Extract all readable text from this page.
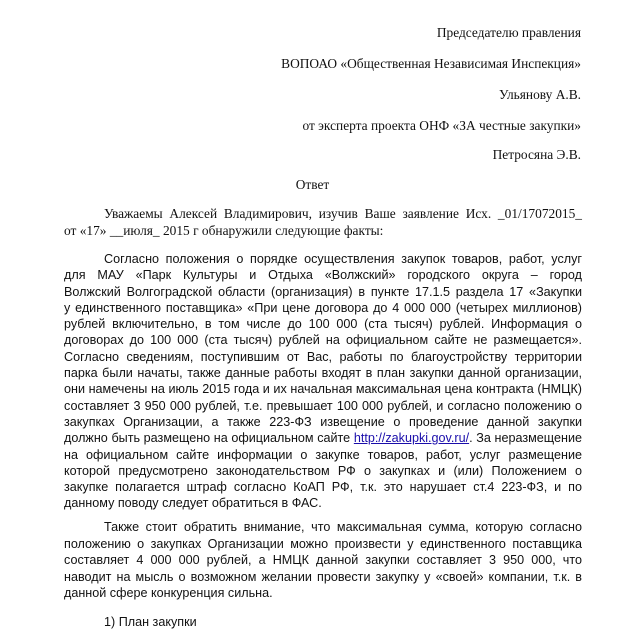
Председателю правления
ВОПОАО «Общественная Независимая Инспекция»
Ульянову А.В.
от эксперта проекта ОНФ «ЗА честные закупки»
Петросяна Э.В.
Ответ
Уважаемы Алексей Владимирович, изучив Ваше заявление Исх. _01/17072015_
от «17» __июля_ 2015 г обнаружили следующие факты:
Согласно положения о порядке осуществления закупок товаров, работ, услуг
для МАУ «Парк Культуры и Отдыха «Волжский» городского округа – город
Волжский Волгоградской области (организация) в пункте 17.1.5 раздела 17 «Закупки
у единственного поставщика» «При цене договора до 4 000 000 (четырех миллионов)
рублей включительно, в том числе до 100 000 (ста тысяч) рублей. Информация о
договорах до 100 000 (ста тысяч) рублей на официальном сайте не размещается».
Согласно сведениям, поступившим от Вас, работы по благоустройству территории
парка были начаты, также данные работы входят в план закупки данной организации,
они намечены на июль 2015 года и их начальная максимальная цена контракта (НМЦК)
составляет 3 950 000 рублей, т.е. превышает 100 000 рублей, и согласно положению о
закупках Организации, а также 223-ФЗ извещение о проведение данной закупки
должно быть размещено на официальном сайте http://zakupki.gov.ru/. За неразмещение
на официальном сайте информации о закупке товаров, работ, услуг размещение
которой предусмотрено законодательством РФ о закупках и (или) Положением о
закупке полагается штраф согласно КоАП РФ, т.к. это нарушает ст.4 223-ФЗ, и по
данному поводу следует обратиться в ФАС.
Также стоит обратить внимание, что максимальная сумма, которую согласно
положению о закупках Организации можно произвести у единственного поставщика
составляет 4 000 000 рублей, а НМЦК данной закупки составляет 3 950 000, что
наводит на мысль о возможном желании провести закупку у «своей» компании, т.к. в
данной сфере конкуренция сильна.
1) План закупки
